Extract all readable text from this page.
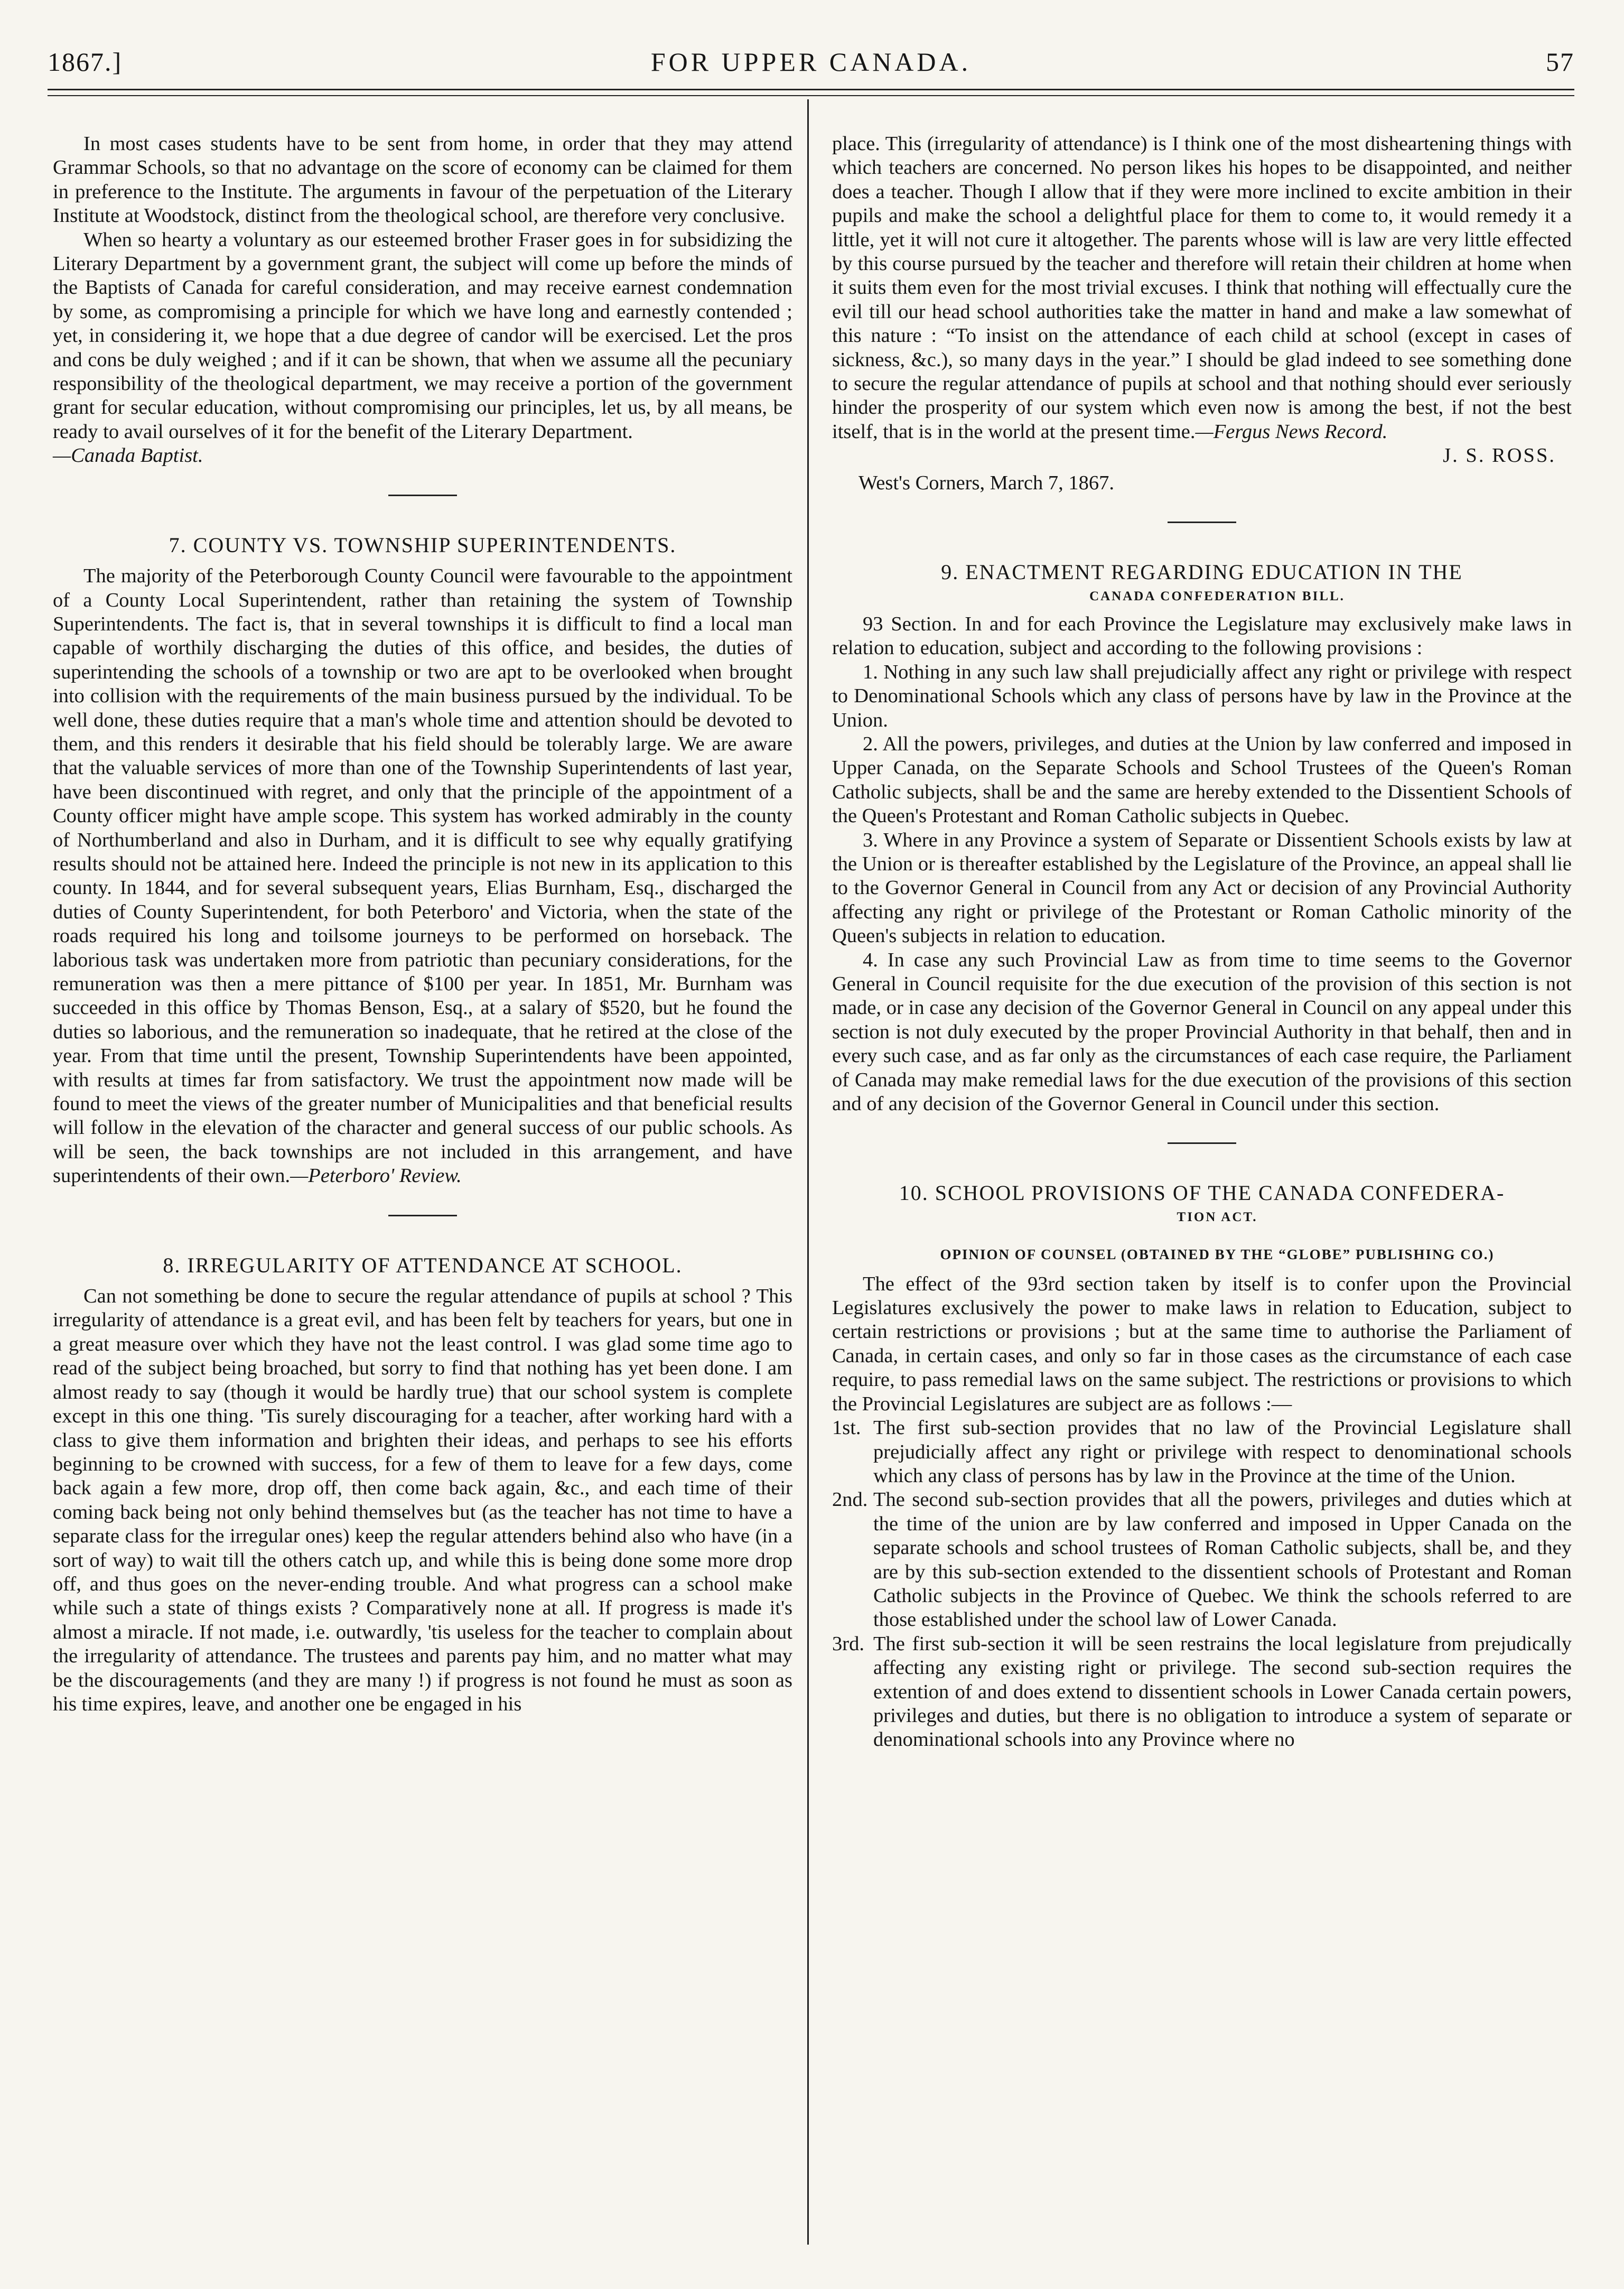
1867.]	FOR UPPER CANADA.	57

In most cases students have to be sent from home, in order that they may attend Grammar Schools, so that no advantage on the score of economy can be claimed for them in preference to the Institute. The arguments in favour of the perpetuation of the Literary Institute at Woodstock, distinct from the theological school, are therefore very conclusive.

When so hearty a voluntary as our esteemed brother Fraser goes in for subsidizing the Literary Department by a government grant, the subject will come up before the minds of the Baptists of Canada for careful consideration, and may receive earnest condemnation by some, as compromising a principle for which we have long and earnestly contended ; yet, in considering it, we hope that a due degree of candor will be exercised. Let the pros and cons be duly weighed ; and if it can be shown, that when we assume all the pecuniary responsibility of the theological department, we may receive a portion of the government grant for secular education, without compromising our principles, let us, by all means, be ready to avail ourselves of it for the benefit of the Literary Department.

—Canada Baptist.

7. COUNTY VS. TOWNSHIP SUPERINTENDENTS.

The majority of the Peterborough County Council were favourable to the appointment of a County Local Superintendent, rather than retaining the system of Township Superintendents. The fact is, that in several townships it is difficult to find a local man capable of worthily discharging the duties of this office, and besides, the duties of superintending the schools of a township or two are apt to be overlooked when brought into collision with the requirements of the main business pursued by the individual. To be well done, these duties require that a man's whole time and attention should be devoted to them, and this renders it desirable that his field should be tolerably large. We are aware that the valuable services of more than one of the Township Superintendents of last year, have been discontinued with regret, and only that the principle of the appointment of a County officer might have ample scope. This system has worked admirably in the county of Northumberland and also in Durham, and it is difficult to see why equally gratifying results should not be attained here. Indeed the principle is not new in its application to this county. In 1844, and for several subsequent years, Elias Burnham, Esq., discharged the duties of County Superintendent, for both Peterboro' and Victoria, when the state of the roads required his long and toilsome journeys to be performed on horseback. The laborious task was undertaken more from patriotic than pecuniary considerations, for the remuneration was then a mere pittance of $100 per year. In 1851, Mr. Burnham was succeeded in this office by Thomas Benson, Esq., at a salary of $520, but he found the duties so laborious, and the remuneration so inadequate, that he retired at the close of the year. From that time until the present, Township Superintendents have been appointed, with results at times far from satisfactory. We trust the appointment now made will be found to meet the views of the greater number of Municipalities and that beneficial results will follow in the elevation of the character and general success of our public schools. As will be seen, the back townships are not included in this arrangement, and have superintendents of their own.—Peterboro' Review.

8. IRREGULARITY OF ATTENDANCE AT SCHOOL.

Can not something be done to secure the regular attendance of pupils at school ? This irregularity of attendance is a great evil, and has been felt by teachers for years, but one in a great measure over which they have not the least control. I was glad some time ago to read of the subject being broached, but sorry to find that nothing has yet been done. I am almost ready to say (though it would be hardly true) that our school system is complete except in this one thing. 'Tis surely discouraging for a teacher, after working hard with a class to give them information and brighten their ideas, and perhaps to see his efforts beginning to be crowned with success, for a few of them to leave for a few days, come back again a few more, drop off, then come back again, &c., and each time of their coming back being not only behind themselves but (as the teacher has not time to have a separate class for the irregular ones) keep the regular attenders behind also who have (in a sort of way) to wait till the others catch up, and while this is being done some more drop off, and thus goes on the never-ending trouble. And what progress can a school make while such a state of things exists ? Comparatively none at all. If progress is made it's almost a miracle. If not made, i.e. outwardly, 'tis useless for the teacher to complain about the irregularity of attendance. The trustees and parents pay him, and no matter what may be the discouragements (and they are many !) if progress is not found he must as soon as his time expires, leave, and another one be engaged in his

place. This (irregularity of attendance) is I think one of the most disheartening things with which teachers are concerned. No person likes his hopes to be disappointed, and neither does a teacher. Though I allow that if they were more inclined to excite ambition in their pupils and make the school a delightful place for them to come to, it would remedy it a little, yet it will not cure it altogether. The parents whose will is law are very little effected by this course pursued by the teacher and therefore will retain their children at home when it suits them even for the most trivial excuses. I think that nothing will effectually cure the evil till our head school authorities take the matter in hand and make a law somewhat of this nature : “To insist on the attendance of each child at school (except in cases of sickness, &c.), so many days in the year.” I should be glad indeed to see something done to secure the regular attendance of pupils at school and that nothing should ever seriously hinder the prosperity of our system which even now is among the best, if not the best itself, that is in the world at the present time.—Fergus News Record.

J. S. ROSS.

West's Corners, March 7, 1867.

9. ENACTMENT REGARDING EDUCATION IN THE

CANADA CONFEDERATION BILL.

93 Section. In and for each Province the Legislature may exclusively make laws in relation to education, subject and according to the following provisions :

1. Nothing in any such law shall prejudicially affect any right or privilege with respect to Denominational Schools which any class of persons have by law in the Province at the Union.

2. All the powers, privileges, and duties at the Union by law conferred and imposed in Upper Canada, on the Separate Schools and School Trustees of the Queen's Roman Catholic subjects, shall be and the same are hereby extended to the Dissentient Schools of the Queen's Protestant and Roman Catholic subjects in Quebec.

3. Where in any Province a system of Separate or Dissentient Schools exists by law at the Union or is thereafter established by the Legislature of the Province, an appeal shall lie to the Governor General in Council from any Act or decision of any Provincial Authority affecting any right or privilege of the Protestant or Roman Catholic minority of the Queen's subjects in relation to education.

4. In case any such Provincial Law as from time to time seems to the Governor General in Council requisite for the due execution of the provision of this section is not made, or in case any decision of the Governor General in Council on any appeal under this section is not duly executed by the proper Provincial Authority in that behalf, then and in every such case, and as far only as the circumstances of each case require, the Parliament of Canada may make remedial laws for the due execution of the provisions of this section and of any decision of the Governor General in Council under this section.

10. SCHOOL PROVISIONS OF THE CANADA CONFEDERA-

TION ACT.

OPINION OF COUNSEL (OBTAINED BY THE “GLOBE” PUBLISHING CO.)

The effect of the 93rd section taken by itself is to confer upon the Provincial Legislatures exclusively the power to make laws in relation to Education, subject to certain restrictions or provisions ; but at the same time to authorise the Parliament of Canada, in certain cases, and only so far in those cases as the circumstance of each case require, to pass remedial laws on the same subject. The restrictions or provisions to which the Provincial Legislatures are subject are as follows :—

1st. The first sub-section provides that no law of the Provincial Legislature shall prejudicially affect any right or privilege with respect to denominational schools which any class of persons has by law in the Province at the time of the Union.
2nd. The second sub-section provides that all the powers, privileges and duties which at the time of the union are by law conferred and imposed in Upper Canada on the separate schools and school trustees of Roman Catholic subjects, shall be, and they are by this sub-section extended to the dissentient schools of Protestant and Roman Catholic subjects in the Province of Quebec. We think the schools referred to are those established under the school law of Lower Canada.
3rd. The first sub-section it will be seen restrains the local legislature from prejudically affecting any existing right or privilege. The second sub-section requires the extention of and does extend to dissentient schools in Lower Canada certain powers, privileges and duties, but there is no obligation to introduce a system of separate or denominational schools into any Province where no
